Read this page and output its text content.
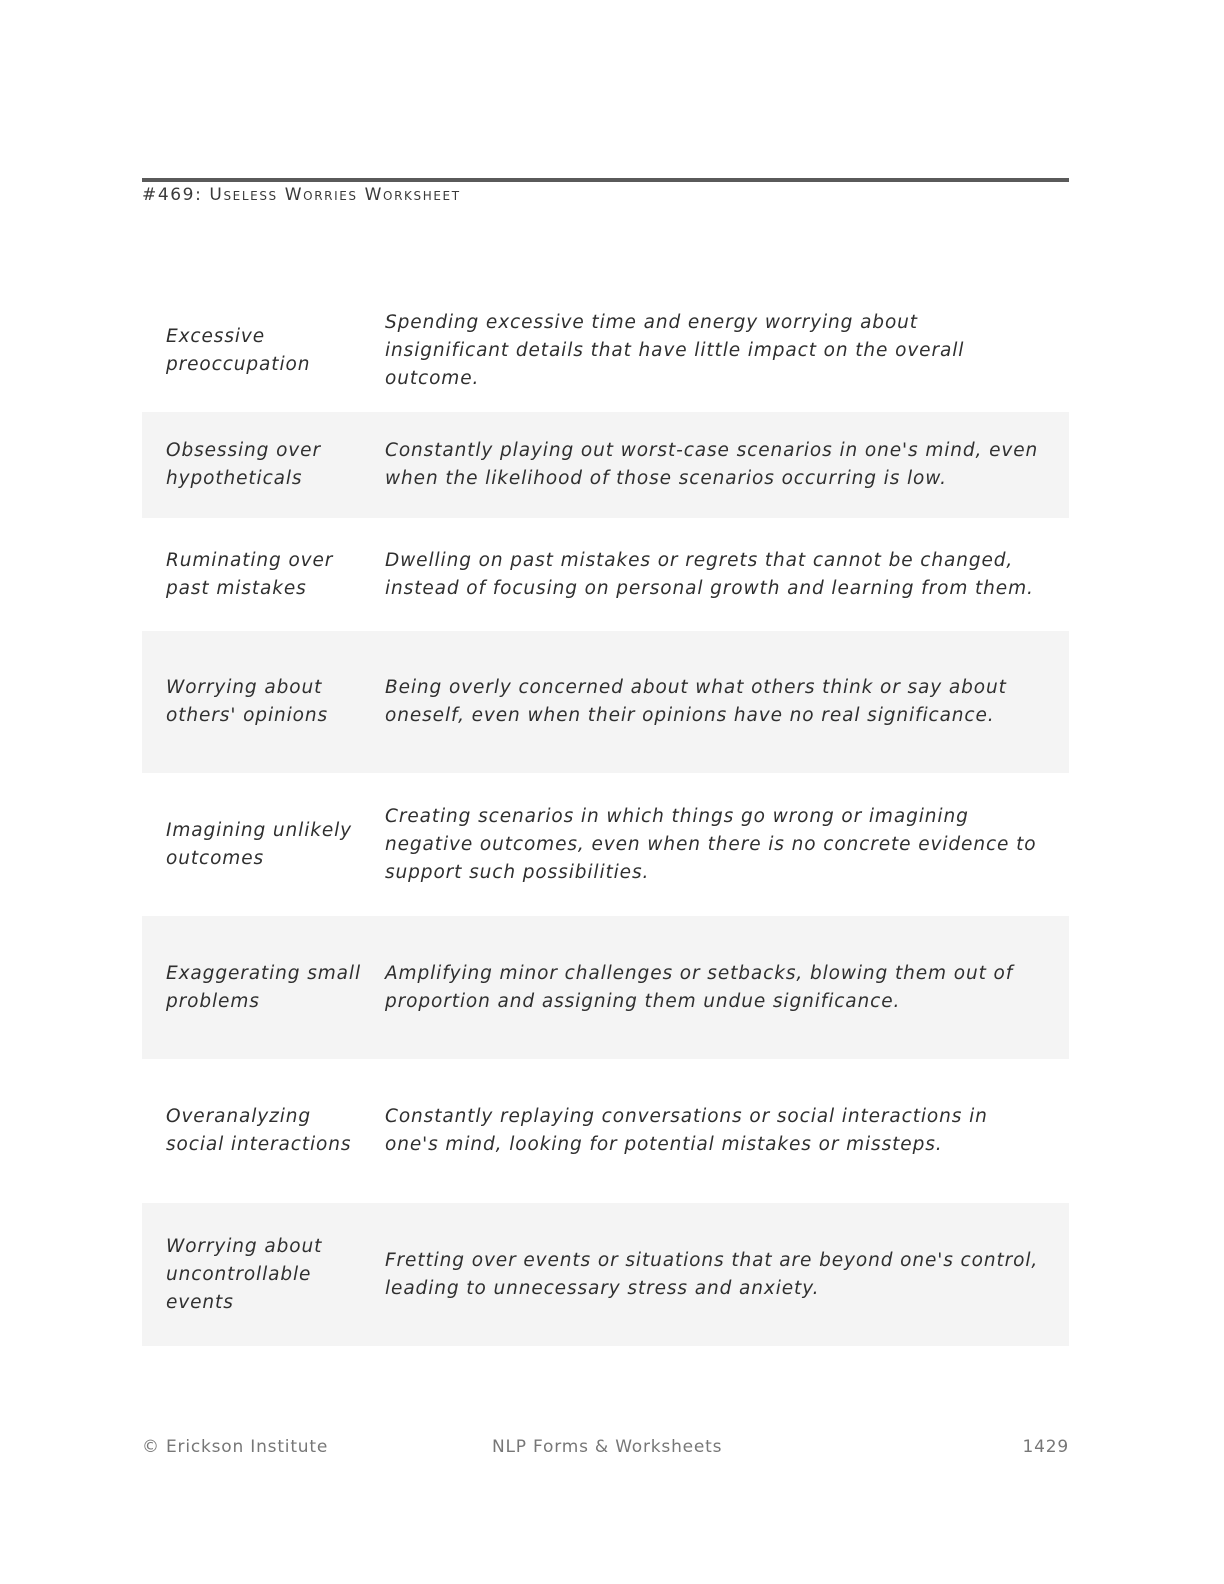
#469: Useless Worries Worksheet
Excessive preoccupation
Spending excessive time and energy worrying about insignificant details that have little impact on the overall outcome.
Obsessing over hypotheticals
Constantly playing out worst-case scenarios in one's mind, even when the likelihood of those scenarios occurring is low.
Ruminating over past mistakes
Dwelling on past mistakes or regrets that cannot be changed, instead of focusing on personal growth and learning from them.
Worrying about others' opinions
Being overly concerned about what others think or say about oneself, even when their opinions have no real significance.
Imagining unlikely outcomes
Creating scenarios in which things go wrong or imagining negative outcomes, even when there is no concrete evidence to support such possibilities.
Exaggerating small problems
Amplifying minor challenges or setbacks, blowing them out of proportion and assigning them undue significance.
Overanalyzing social interactions
Constantly replaying conversations or social interactions in one's mind, looking for potential mistakes or missteps.
Worrying about uncontrollable events
Fretting over events or situations that are beyond one's control, leading to unnecessary stress and anxiety.
© Erickson Institute	NLP Forms & Worksheets	1429
